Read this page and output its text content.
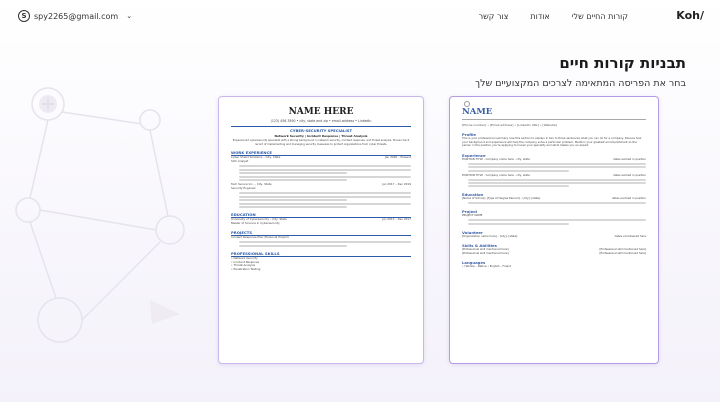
S spy2265@gmail.com ⌄	קורות החיים שלי
אודות
צור קשר	Koh/
תבניות קורות חיים

בחר את הפריסה המתאימה לצרכים המקצועיים שלך

NAME HERE
(123) 456-7890 • city, state and zip • email address • LinkedIn
CYBER-SECURITY SPECIALIST
Network Security | Incident Response | Threat Analysis
Experienced cybersecurity specialist with a strong background in network security, incident response, and threat analysis. Proven track record of implementing and managing security measures to protect organizations from cyber threats.
WORK EXPERIENCE
Cyber Shield Solutions – City, State	Jan 2020 – Present
SOC Analyst
Tech Secure Inc. – City, State	Jun 2017 – Dec 2019
Security Engineer
EDUCATION
University of Cybersecurity – City, State	Jun 2013 – Dec 2017
Master of Science in Cybersecurity
PROJECTS
Incident Response Plan (Personal Project)
PROFESSIONAL SKILLS
• Network Security
• Incident Response
• Threat Analysis
• Penetration Testing
NAME
[Phone number] • [Email address] • [LinkedIn URL] • [Website]
Profile
This is your professional summary. Use this section to explain in two to three sentences what you can do for a company. Discuss how your background and experience will help the company solve a particular problem. Mention your greatest accomplishment so the person in the position you're applying to knows your specialty and what makes you an expert.
Experience
POSITION TITLE - Company name here - city, state	dates worked in position
POSITION TITLE - Company name here - city, state	dates worked in position
Education
[Name of School], [Type of Degree Earned] – [city], [state]	dates enrolled in position
Project
PROJECT NAME
Volunteer
[Organization name here] – [city], [state]	dates volunteered here
Skills & Abilities
[Professional skill mentioned here]	[Professional skill mentioned here]
[Professional skill mentioned here]	[Professional skill mentioned here]
Languages
• Hebrew – Native • English – Fluent
